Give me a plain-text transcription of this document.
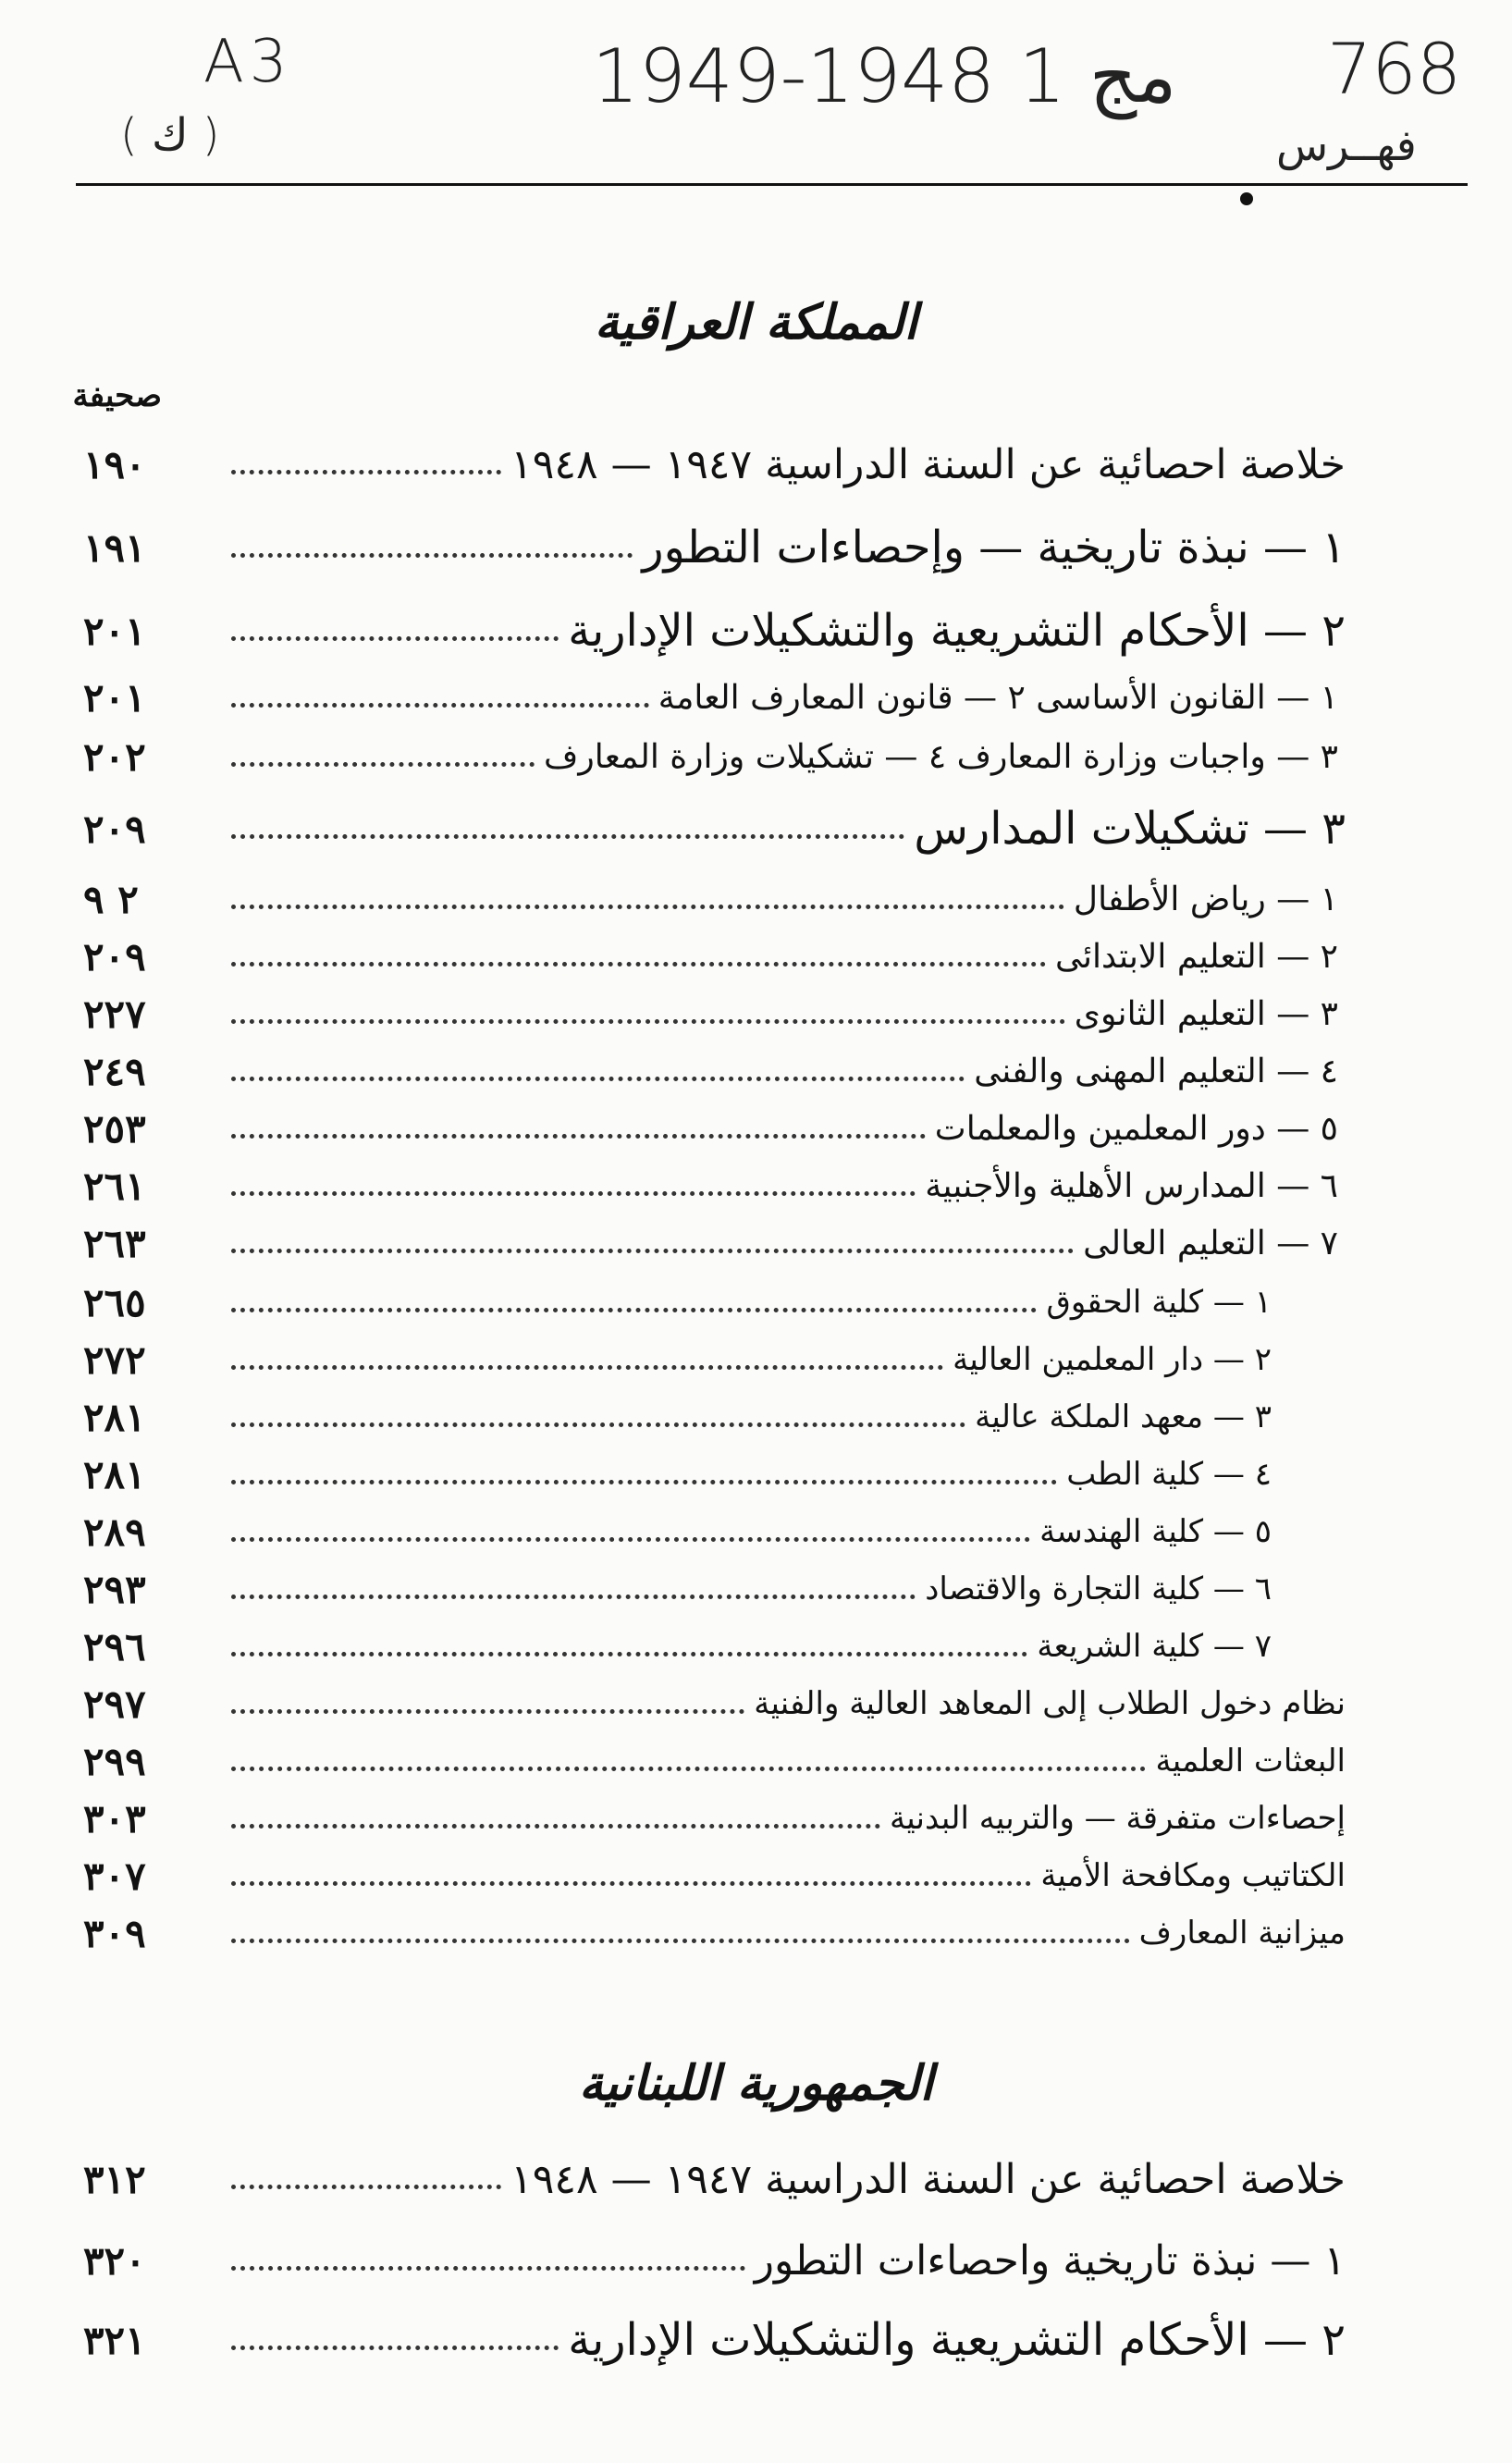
A3	1949-1948 مج 1 768
( ك )	فهــرس
المملكة العراقية
صحيفة
١٩٠	خلاصة احصائية عن السنة الدراسية ١٩٤٧ — ١٩٤٨
١٩١	١ — نبذة تاريخية — وإحصاءات التطور
٢٠١	٢ — الأحكام التشريعية والتشكيلات الإدارية
٢٠١	١ — القانون الأساسى ٢ — قانون المعارف العامة
٢٠٢	٣ — واجبات وزارة المعارف ٤ — تشكيلات وزارة المعارف
٢٠٩	٣ — تشكيلات المدارس
٢ ٩	١ — رياض الأطفال
٢٠٩	٢ — التعليم الابتدائى
٢٢٧	٣ — التعليم الثانوى
٢٤٩	٤ — التعليم المهنى والفنى
٢٥٣	٥ — دور المعلمين والمعلمات
٢٦١	٦ — المدارس الأهلية والأجنبية
٢٦٣	٧ — التعليم العالى
٢٦٥	١ — كلية الحقوق
٢٧٢	٢ — دار المعلمين العالية
٢٨١	٣ — معهد الملكة عالية
٢٨١	٤ — كلية الطب
٢٨٩	٥ — كلية الهندسة
٢٩٣	٦ — كلية التجارة والاقتصاد
٢٩٦	٧ — كلية الشريعة
٢٩٧	نظام دخول الطلاب إلى المعاهد العالية والفنية
٢٩٩	البعثات العلمية
٣٠٣	إحصاءات متفرقة — والتربيه البدنية
٣٠٧	الكتاتيب ومكافحة الأمية
٣٠٩	ميزانية المعارف
الجمهورية اللبنانية
٣١٢	خلاصة احصائية عن السنة الدراسية ١٩٤٧ — ١٩٤٨
٣٢٠	١ — نبذة تاريخية واحصاءات التطور
٣٢١	٢ — الأحكام التشريعية والتشكيلات الإدارية
